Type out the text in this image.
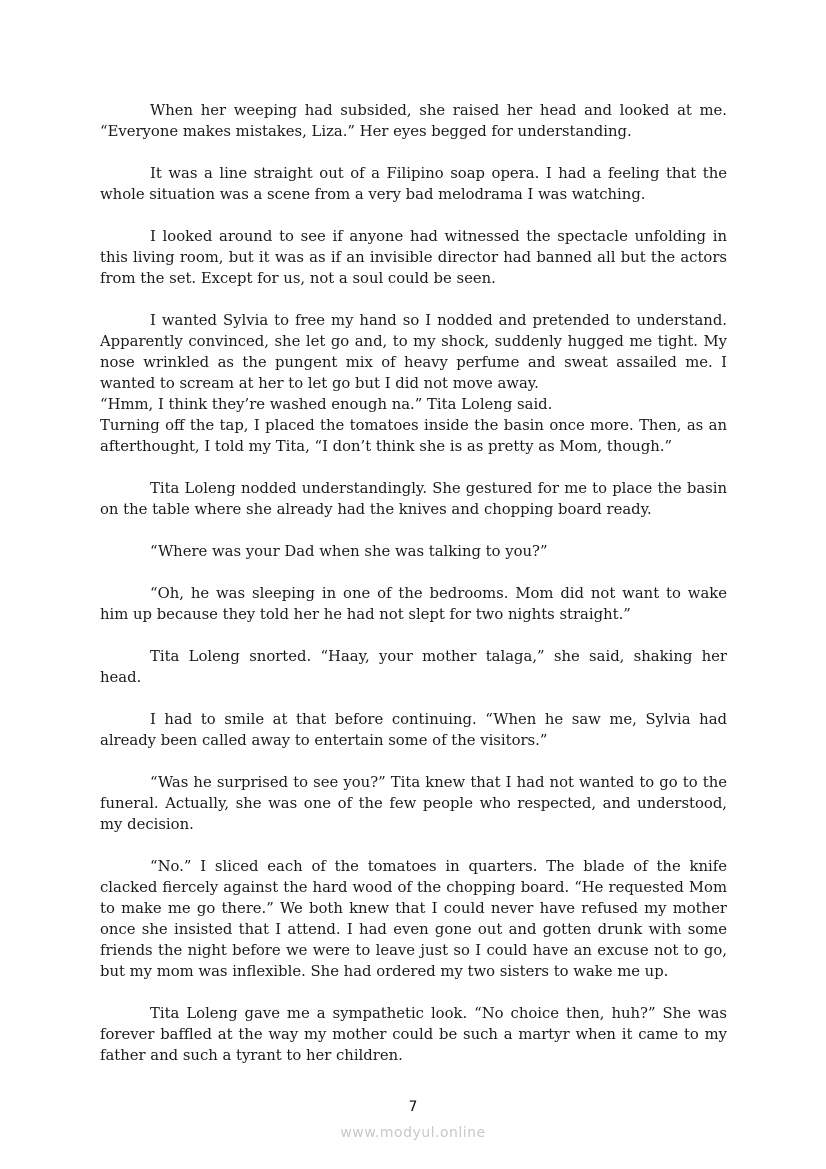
When her weeping had subsided, she raised her head and looked at me. “Everyone makes mistakes, Liza.” Her eyes begged for understanding.

It was a line straight out of a Filipino soap opera. I had a feeling that the whole situation was a scene from a very bad melodrama I was watching.

I looked around to see if anyone had witnessed the spectacle unfolding in this living room, but it was as if an invisible director had banned all but the actors from the set. Except for us, not a soul could be seen.

I wanted Sylvia to free my hand so I nodded and pretended to understand. Apparently convinced, she let go and, to my shock, suddenly hugged me tight. My nose wrinkled as the pungent mix of heavy perfume and sweat assailed me. I wanted to scream at her to let go but I did not move away.

“Hmm, I think they’re washed enough na.” Tita Loleng said.

Turning off the tap, I placed the tomatoes inside the basin once more. Then, as an afterthought, I told my Tita, “I don’t think she is as pretty as Mom, though.”

Tita Loleng nodded understandingly. She gestured for me to place the basin on the table where she already had the knives and chopping board ready.

“Where was your Dad when she was talking to you?”

“Oh, he was sleeping in one of the bedrooms. Mom did not want to wake him up because they told her he had not slept for two nights straight.”

Tita Loleng snorted. “Haay, your mother talaga,” she said, shaking her head.

I had to smile at that before continuing. “When he saw me, Sylvia had already been called away to entertain some of the visitors.”

“Was he surprised to see you?” Tita knew that I had not wanted to go to the funeral. Actually, she was one of the few people who respected, and understood, my decision.

“No.” I sliced each of the tomatoes in quarters. The blade of the knife clacked fiercely against the hard wood of the chopping board. “He requested Mom to make me go there.” We both knew that I could never have refused my mother once she insisted that I attend. I had even gone out and gotten drunk with some friends the night before we were to leave just so I could have an excuse not to go, but my mom was inflexible. She had ordered my two sisters to wake me up.

Tita Loleng gave me a sympathetic look. “No choice then, huh?” She was forever baffled at the way my mother could be such a martyr when it came to my father and such a tyrant to her children.

7
www.modyul.online
